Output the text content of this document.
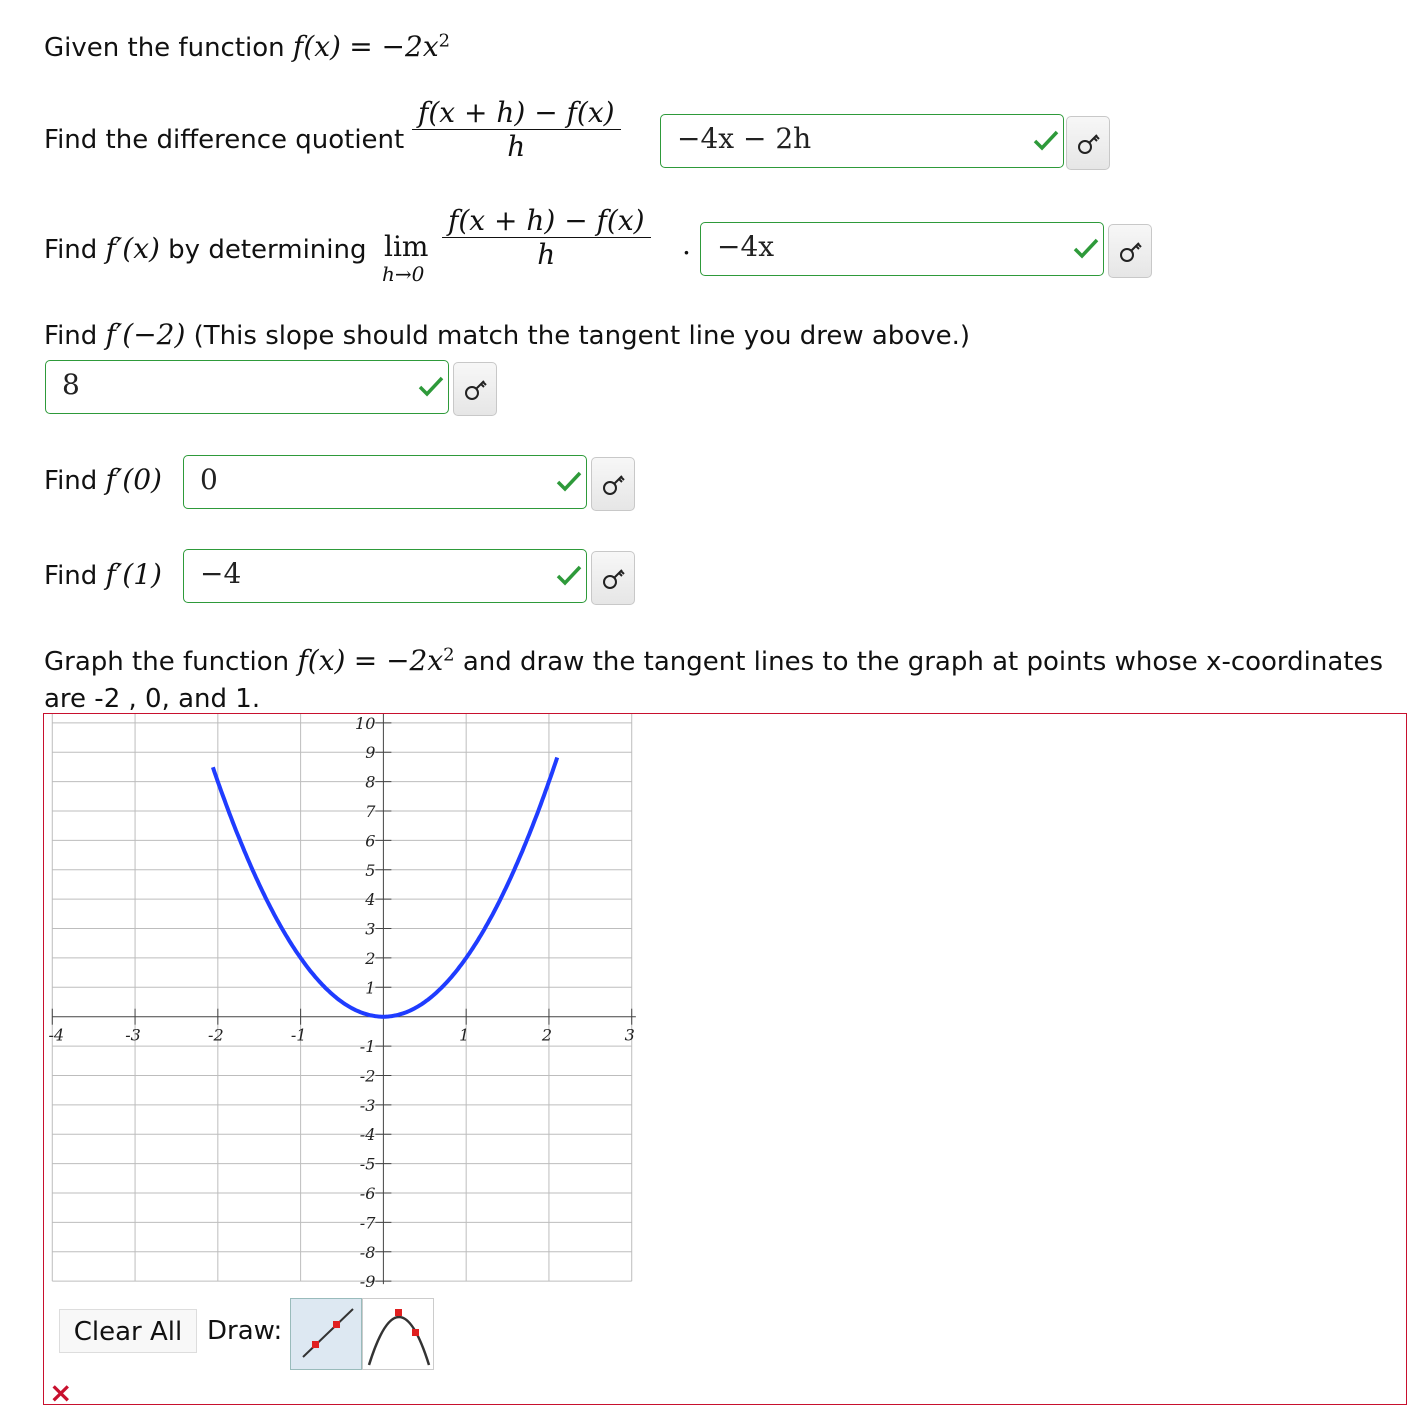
Given the function $f(x) = -2x^2$
Find the difference quotient $\frac{f(x + h) - f(x)}{h} -4x - 2h$
Find f′(x) by determining lim
h→0
$\frac{f(x + h) - f(x)}{h}$ . −4x
Find f′(−2) (This slope should match the tangent line you drew above.)
8
Find f′(0) 0
Find f′(1) −4
Graph the function $f(x) = -2x^2$ and draw the tangent lines to the graph at points whose x-coordinates
are -2 , 0, and 1.
-4	-3	-2	-1	1	2	3
10
9
8
7
6
5
4
3
2
1
-1
-2
-3
-4
-5
-6
-7
-8
-9
Clear All Draw:
×
